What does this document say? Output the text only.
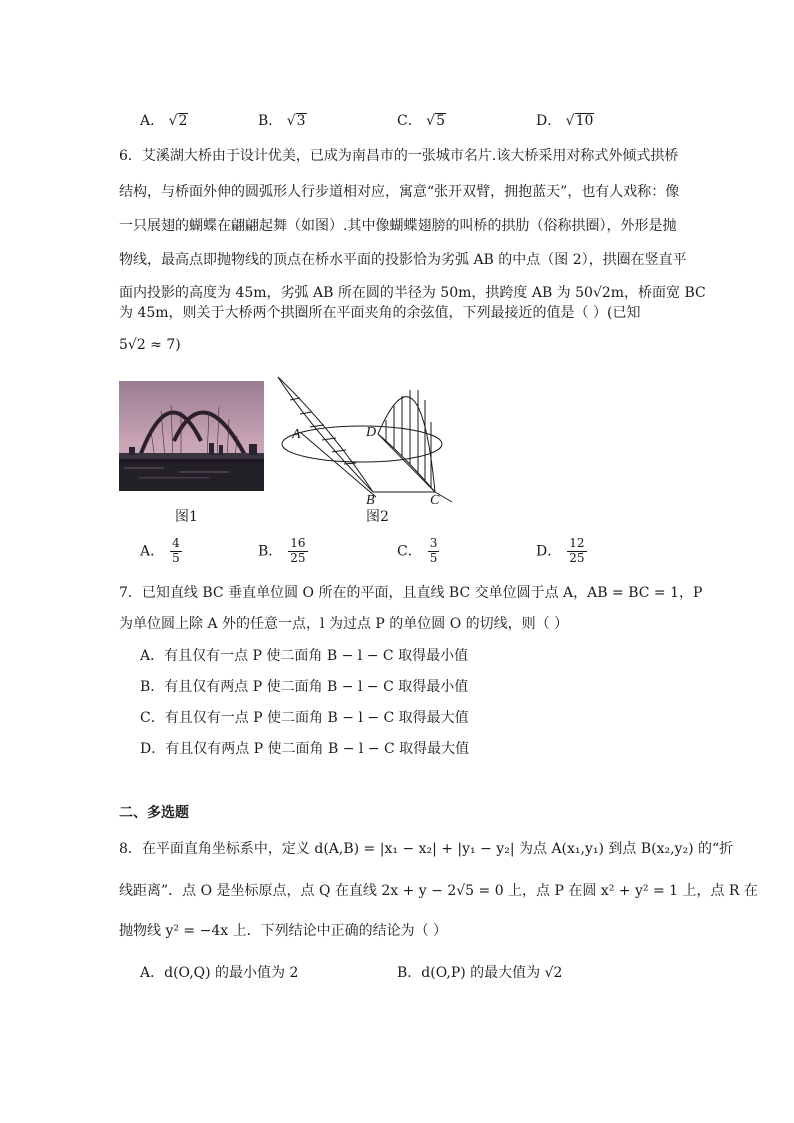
A． √2	B． √3	C． √5	D． √10
6．艾溪湖大桥由于设计优美，已成为南昌市的一张城市名片.该大桥采用对称式外倾式拱桥
结构，与桥面外伸的圆弧形人行步道相对应，寓意“张开双臂，拥抱蓝天”，也有人戏称：像
一只展翅的蝴蝶在翩翩起舞（如图）.其中像蝴蝶翅膀的叫桥的拱肋（俗称拱圈），外形是抛
物线，最高点即抛物线的顶点在桥水平面的投影恰为劣弧 AB 的中点（图 2），拱圈在竖直平
面内投影的高度为 45m，劣弧 AB 所在圆的半径为 50m，拱跨度 AB 为 50√2m，桥面宽 BC
为 45m，则关于大桥两个拱圈所在平面夹角的余弦值，下列最接近的值是（ ）(已知
5√2 ≈ 7)
图1
A	D
B	C
图2
A． $\frac{4}{5}$	B． $\frac{16}{25}$	C． $\frac{3}{5}$	D． $\frac{12}{25}$
7．已知直线 BC 垂直单位圆 O 所在的平面，且直线 BC 交单位圆于点 A，AB = BC = 1，P
为单位圆上除 A 外的任意一点，l 为过点 P 的单位圆 O 的切线，则（ ）
A．有且仅有一点 P 使二面角 B − l − C 取得最小值
B．有且仅有两点 P 使二面角 B − l − C 取得最小值
C．有且仅有一点 P 使二面角 B − l − C 取得最大值
D．有且仅有两点 P 使二面角 B − l − C 取得最大值
二、多选题
8．在平面直角坐标系中，定义 d(A,B) = |x₁ − x₂| + |y₁ − y₂| 为点 A(x₁,y₁) 到点 B(x₂,y₂) 的“折
线距离”．点 O 是坐标原点，点 Q 在直线 2x + y − 2√5 = 0 上，点 P 在圆 x² + y² = 1 上，点 R 在
抛物线 y² = −4x 上．下列结论中正确的结论为（ ）
A．d(O,Q) 的最小值为 2	B．d(O,P) 的最大值为 √2
